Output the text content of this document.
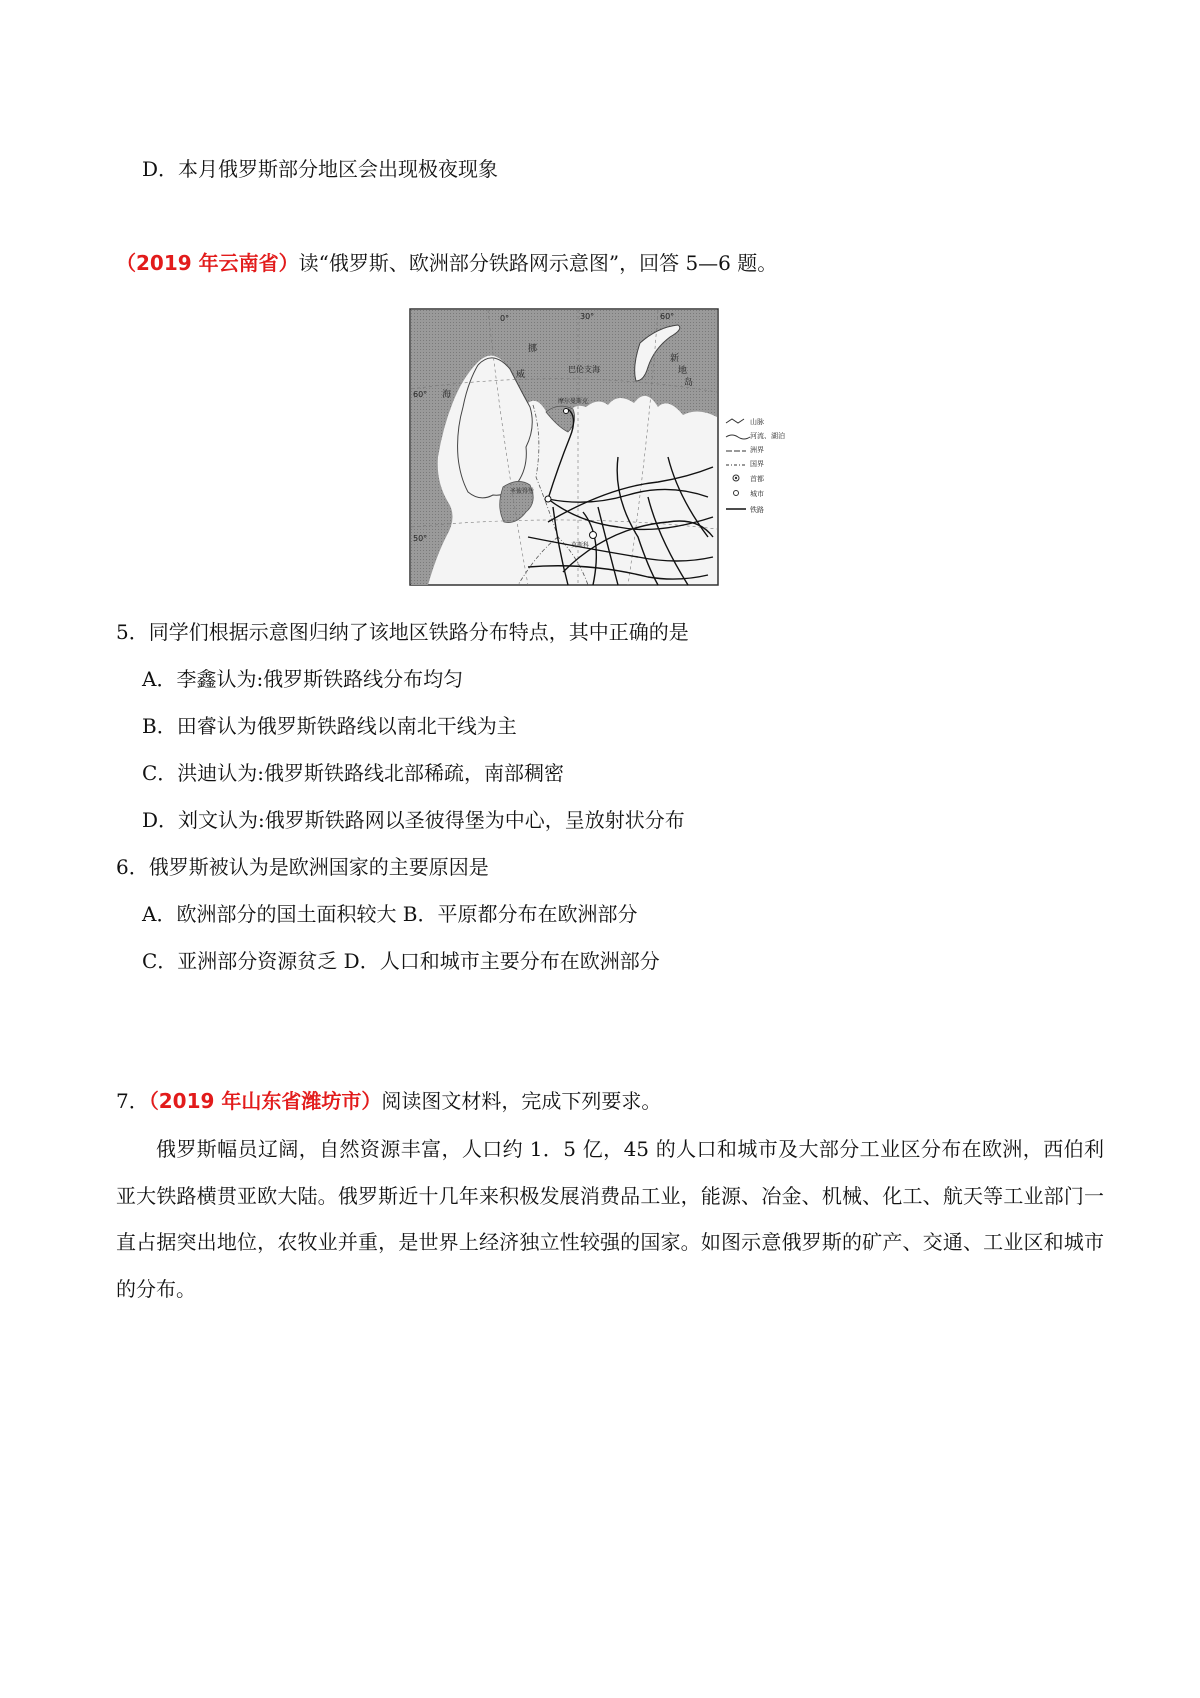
D．本月俄罗斯部分地区会出现极夜现象
（2019 年云南省）读“俄罗斯、欧洲部分铁路网示意图”，回答 5—6 题。
山脉
河流、湖泊
洲界
国界
首都
城市
铁路
0°	30°	60°
60°
50°
挪
威
海
巴伦支海
新
地
岛
摩尔曼斯克
圣彼得堡
莫斯科
5．同学们根据示意图归纳了该地区铁路分布特点，其中正确的是
A．李鑫认为:俄罗斯铁路线分布均匀
B．田睿认为俄罗斯铁路线以南北干线为主
C．洪迪认为:俄罗斯铁路线北部稀疏，南部稠密
D．刘文认为:俄罗斯铁路网以圣彼得堡为中心，呈放射状分布
6．俄罗斯被认为是欧洲国家的主要原因是
A．欧洲部分的国土面积较大 B．平原都分布在欧洲部分
C．亚洲部分资源贫乏 D．人口和城市主要分布在欧洲部分
7．（2019 年山东省潍坊市）阅读图文材料，完成下列要求。
俄罗斯幅员辽阔，自然资源丰富，人口约 1．5 亿，45 的人口和城市及大部分工业区分布在欧洲，西伯利亚大铁路横贯亚欧大陆。俄罗斯近十几年来积极发展消费品工业，能源、冶金、机械、化工、航天等工业部门一直占据突出地位，农牧业并重，是世界上经济独立性较强的国家。如图示意俄罗斯的矿产、交通、工业区和城市的分布。
